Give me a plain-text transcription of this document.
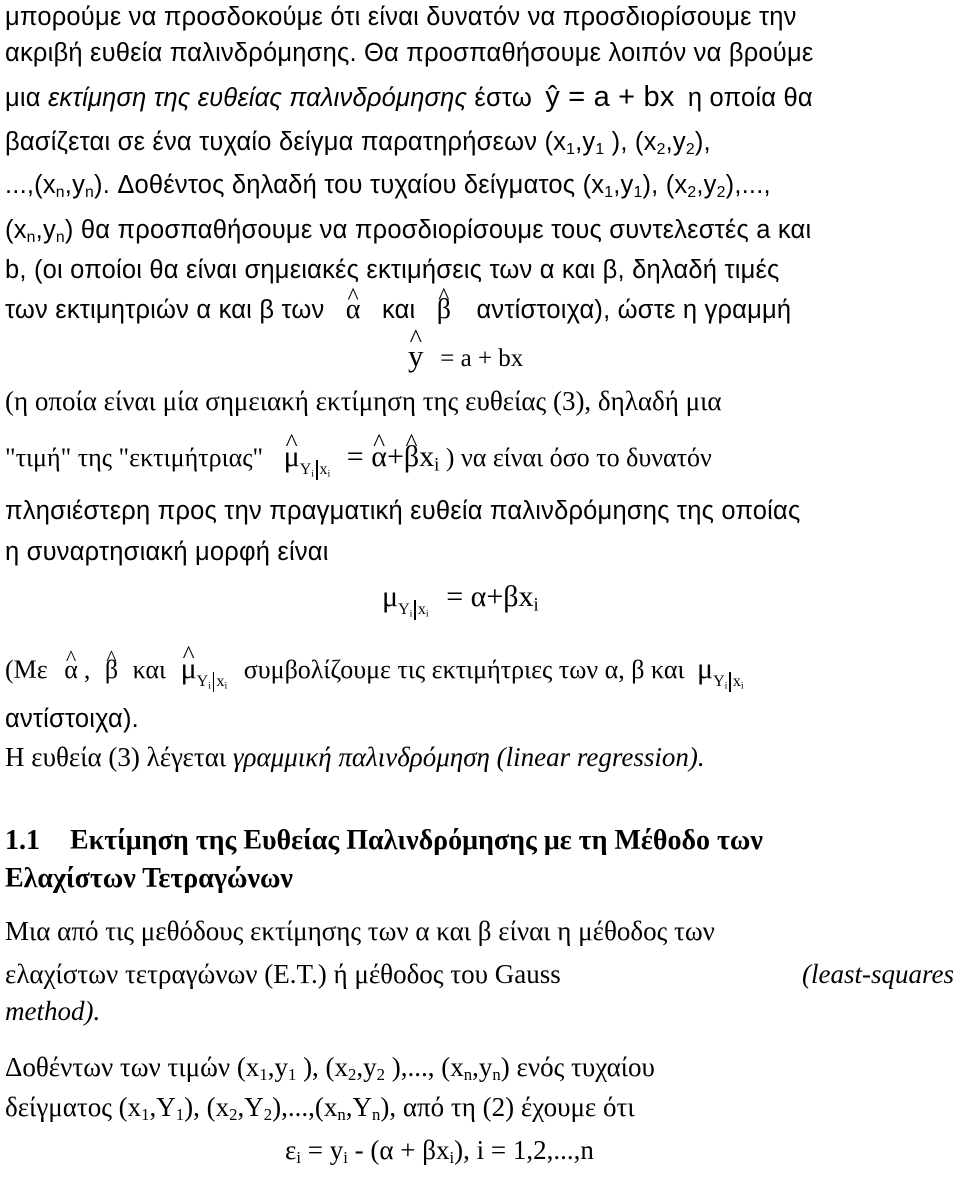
μπορούμε να προσδοκούμε ότι είναι δυνατόν να προσδιορίσουμε την
ακριβή ευθεία παλινδρόμησης. Θα προσπαθήσουμε λοιπόν να βρούμε
μια εκτίμηση της ευθείας παλινδρόμησης έστω ŷ = a + bx η οποία θα
βασίζεται σε ένα τυχαίο δείγμα παρατηρήσεων ($x_1,y_1$ ), $(x_2,y_2)$,
$...,(x_n,y_n)$. Δοθέντος δηλαδή του τυχαίου δείγματος $(x_1,y_1)$, $(x_2,y_2)$,...,
$(x_n,y_n)$ θα προσπαθήσουμε να προσδιορίσουμε τους συντελεστές a και
b, (οι οποίοι θα είναι σημειακές εκτιμήσεις των α και β, δηλαδή τιμές
των εκτιμητριών α και β των ^ α και ^ β αντίστοιχα), ώστε η γραμμή
^ y = a + bx
(η οποία είναι μία σημειακή εκτίμηση της ευθείας (3), δηλαδή μια
"τιμή" της "εκτιμήτριας" ^ $\mu_{Y_i x_i}$ = ^ α+^ $\beta x_i$ ) να είναι όσο το δυνατόν
πλησιέστερη προς την πραγματική ευθεία παλινδρόμησης της οποίας
η συναρτησιακή μορφή είναι
$\mu_{Y_i x_i} = \alpha+\beta x_i$
(Με ^ α , ^ β και ^ $\mu_{Y_i x_i}$ συμβολίζουμε τις εκτιμήτριες των α, β και $\mu_{Y_i x_i}$
αντίστοιχα).
Η ευθεία (3) λέγεται γραμμική παλινδρόμηση (linear regression).
1.1 Εκτίμηση της Ευθείας Παλινδρόμησης με τη Μέθοδο των
Ελαχίστων Τετραγώνων
Μια από τις μεθόδους εκτίμησης των α και β είναι η μέθοδος των
ελαχίστων τετραγώνων (Ε.Τ.) ή μέθοδος του Gauss	(least-squares
method).
Δοθέντων των τιμών ($x_1,y_1$ ), ($x_2,y_2$ ),..., $(x_n,y_n)$ ενός τυχαίου
δείγματος $(x_1,Y_1)$, $(x_2,Y_2),...,(x_n,Y_n)$, από τη (2) έχουμε ότι
$\varepsilon_i = y_i - (\alpha + \beta x_i)$, i = 1,2,...,n
